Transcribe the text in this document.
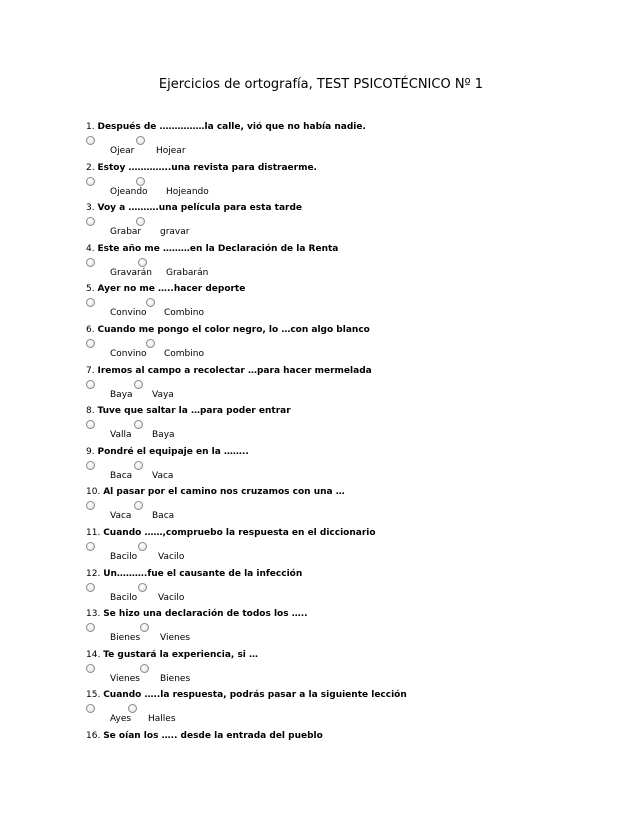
Ejercicios de ortografía, TEST PSICOTÉCNICO Nº 1
1. Después de ……………la calle, vió que no había nadie.
Ojear Hojear
2. Estoy …………..una revista para distraerme.
Ojeando Hojeando
3. Voy a ……….una película para esta tarde
Grabar gravar
4. Este año me ………en la Declaración de la Renta
Gravarán Grabarán
5. Ayer no me …..hacer deporte
Convino Combino
6. Cuando me pongo el color negro, lo …con algo blanco
Convino Combino
7. Iremos al campo a recolectar …para hacer mermelada
Baya Vaya
8. Tuve que saltar la …para poder entrar
Valla Baya
9. Pondré el equipaje en la ……..
Baca Vaca
10. Al pasar por el camino nos cruzamos con una …
Vaca Baca
11. Cuando ……,compruebo la respuesta en el diccionario
Bacilo Vacilo
12. Un……….fue el causante de la infección
Bacilo Vacilo
13. Se hizo una declaración de todos los …..
Bienes Vienes
14. Te gustará la experiencia, si …
Vienes Bienes
15. Cuando …..la respuesta, podrás pasar a la siguiente lección
Ayes Halles
16. Se oían los ….. desde la entrada del pueblo
